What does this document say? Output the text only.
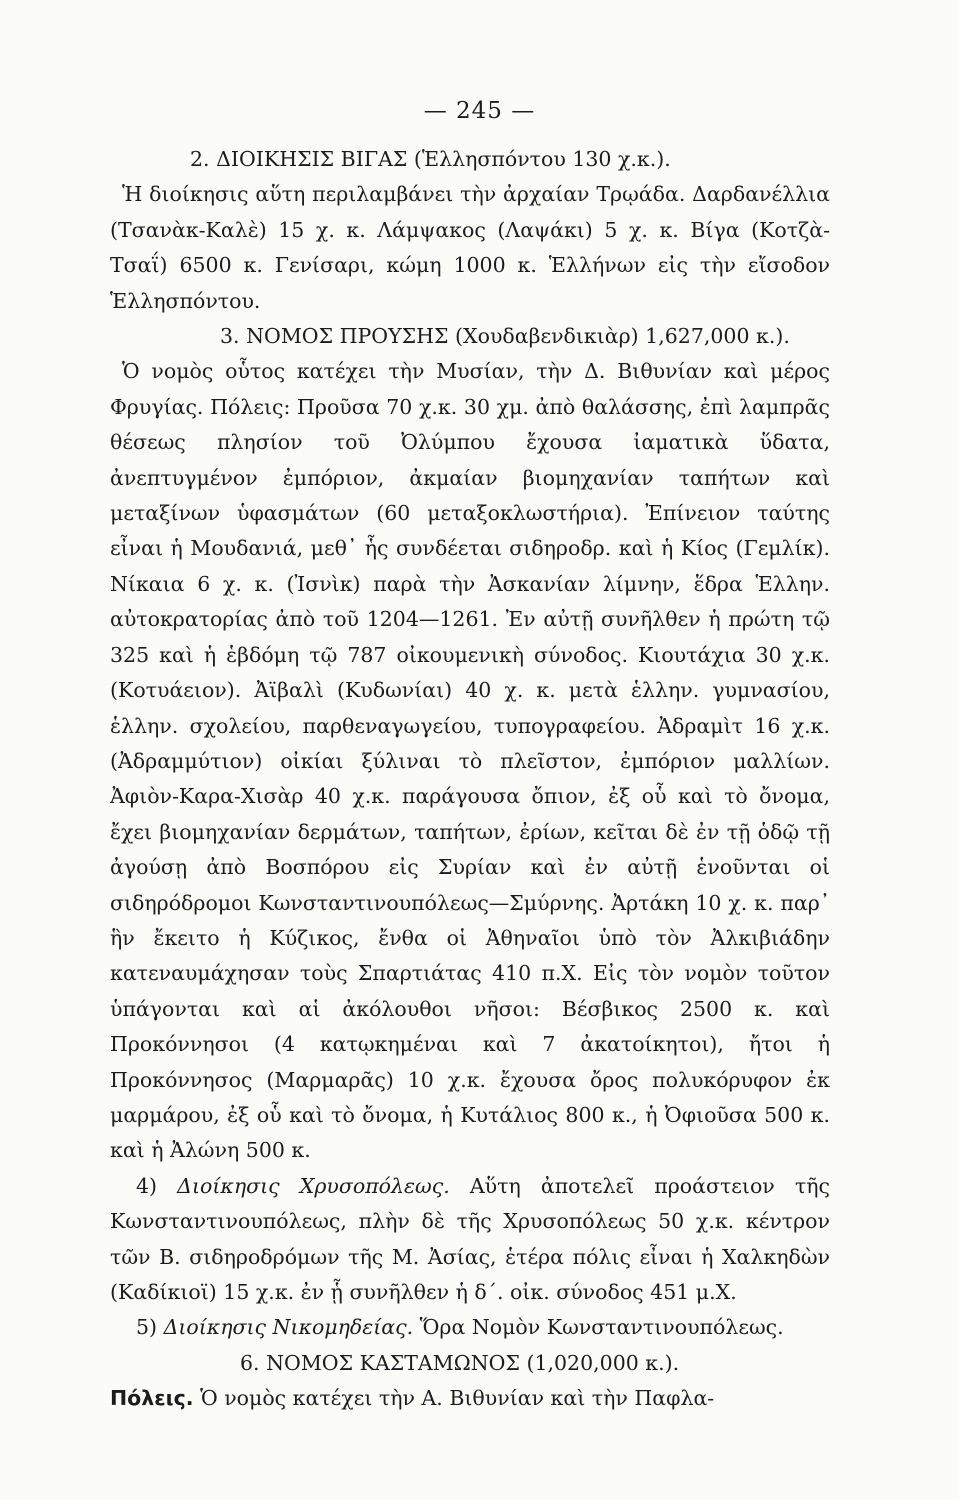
— 245 —

2. ΔΙΟΙΚΗΣΙΣ ΒΙΓΑΣ (Ἑλλησπόντου 130 χ.κ.).

Ἡ διοίκησις αὕτη περιλαμβάνει τὴν ἀρχαίαν Τρῳάδα. Δαρδανέλλια (Τσανὰκ-Καλὲ) 15 χ. κ. Λάμψακος (Λαψάκι) 5 χ. κ. Βίγα (Κοτζὰ-Τσαΐ) 6500 κ. Γενίσαρι, κώμη 1000 κ. Ἑλλήνων εἰς τὴν εἴσοδον Ἑλλησπόντου.

3. ΝΟΜΟΣ ΠΡΟΥΣΗΣ (Χουδαβενδικιὰρ) 1,627,000 κ.).

Ὁ νομὸς οὗτος κατέχει τὴν Μυσίαν, τὴν Δ. Βιθυνίαν καὶ μέρος Φρυγίας. Πόλεις: Προῦσα 70 χ.κ. 30 χμ. ἀπὸ θαλάσσης, ἐπὶ λαμπρᾶς θέσεως πλησίον τοῦ Ὀλύμπου ἔχουσα ἰαματικὰ ὕδατα, ἀνεπτυγμένον ἐμπόριον, ἀκμαίαν βιομηχανίαν ταπήτων καὶ μεταξίνων ὑφασμάτων (60 μεταξοκλωστήρια). Ἐπίνειον ταύτης εἶναι ἡ Μουδανιά, μεθ᾽ ἧς συνδέεται σιδηροδρ. καὶ ἡ Κίος (Γεμλίκ). Νίκαια 6 χ. κ. (Ἰσνὶκ) παρὰ τὴν Ἀσκανίαν λίμνην, ἕδρα Ἑλλην. αὐτοκρατορίας ἀπὸ τοῦ 1204—1261. Ἐν αὐτῇ συνῆλθεν ἡ πρώτη τῷ 325 καὶ ἡ ἑβδόμη τῷ 787 οἰκουμενικὴ σύνοδος. Κιουτάχια 30 χ.κ. (Κοτυάειον). Ἀϊβαλὶ (Κυδωνίαι) 40 χ. κ. μετὰ ἑλλην. γυμνασίου, ἑλλην. σχολείου, παρθεναγωγείου, τυπογραφείου. Ἀδραμὶτ 16 χ.κ. (Ἀδραμμύτιον) οἰκίαι ξύλιναι τὸ πλεῖστον, ἐμπόριον μαλλίων. Ἀφιὸν-Καρα-Χισὰρ 40 χ.κ. παράγουσα ὄπιον, ἐξ οὗ καὶ τὸ ὄνομα, ἔχει βιομηχανίαν δερμάτων, ταπήτων, ἐρίων, κεῖται δὲ ἐν τῇ ὁδῷ τῇ ἀγούσῃ ἀπὸ Βοσπόρου εἰς Συρίαν καὶ ἐν αὐτῇ ἑνοῦνται οἱ σιδηρόδρομοι Κωνσταντινουπόλεως—Σμύρνης. Ἀρτάκη 10 χ. κ. παρ᾽ ἣν ἔκειτο ἡ Κύζικος, ἔνθα οἱ Ἀθηναῖοι ὑπὸ τὸν Ἀλκιβιάδην κατεναυμάχησαν τοὺς Σπαρτιάτας 410 π.Χ. Εἰς τὸν νομὸν τοῦτον ὑπάγονται καὶ αἱ ἀκόλουθοι νῆσοι: Βέσβικος 2500 κ. καὶ Προκόννησοι (4 κατῳκημέναι καὶ 7 ἀκατοίκητοι), ἤτοι ἡ Προκόννησος (Μαρμαρᾶς) 10 χ.κ. ἔχουσα ὄρος πολυκόρυφον ἐκ μαρμάρου, ἐξ οὗ καὶ τὸ ὄνομα, ἡ Κυτάλιος 800 κ., ἡ Ὀφιοῦσα 500 κ. καὶ ἡ Ἀλώνη 500 κ.

4) Διοίκησις Χρυσοπόλεως. Αὕτη ἀποτελεῖ προάστειον τῆς Κωνσταντινουπόλεως, πλὴν δὲ τῆς Χρυσοπόλεως 50 χ.κ. κέντρον τῶν Β. σιδηροδρόμων τῆς Μ. Ἀσίας, ἑτέρα πόλις εἶναι ἡ Χαλκηδὼν (Καδίκιοϊ) 15 χ.κ. ἐν ᾗ συνῆλθεν ἡ δ΄. οἰκ. σύνοδος 451 μ.Χ.

5) Διοίκησις Νικομηδείας. Ὅρα Νομὸν Κωνσταντινουπόλεως.

6. ΝΟΜΟΣ ΚΑΣΤΑΜΩΝΟΣ (1,020,000 κ.).

Πόλεις. Ὁ νομὸς κατέχει τὴν Α. Βιθυνίαν καὶ τὴν Παφλα-
